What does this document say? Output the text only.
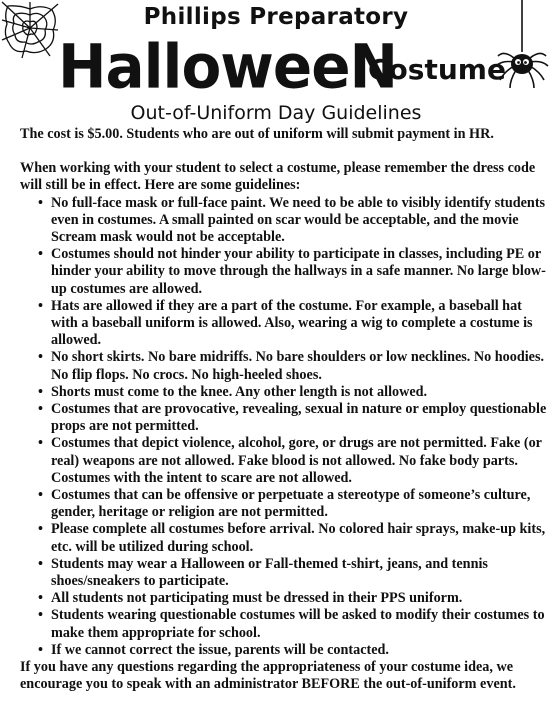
Phillips Preparatory
HalloweeN
Costume
Out-of-Uniform Day Guidelines

The cost is $5.00. Students who are out of uniform will submit payment in HR.

When working with your student to select a costume, please remember the dress code will still be in effect. Here are some guidelines:

• No full-face mask or full-face paint. We need to be able to visibly identify students even in costumes. A small painted on scar would be acceptable, and the movie Scream mask would not be acceptable.
• Costumes should not hinder your ability to participate in classes, including PE or hinder your ability to move through the hallways in a safe manner. No large blow-up costumes are allowed.
• Hats are allowed if they are a part of the costume. For example, a baseball hat with a baseball uniform is allowed. Also, wearing a wig to complete a costume is allowed.
• No short skirts. No bare midriffs. No bare shoulders or low necklines. No hoodies. No flip flops. No crocs. No high-heeled shoes.
• Shorts must come to the knee. Any other length is not allowed.
• Costumes that are provocative, revealing, sexual in nature or employ questionable props are not permitted.
• Costumes that depict violence, alcohol, gore, or drugs are not permitted. Fake (or real) weapons are not allowed. Fake blood is not allowed. No fake body parts. Costumes with the intent to scare are not allowed.
• Costumes that can be offensive or perpetuate a stereotype of someone’s culture, gender, heritage or religion are not permitted.
• Please complete all costumes before arrival. No colored hair sprays, make-up kits, etc. will be utilized during school.
• Students may wear a Halloween or Fall-themed t-shirt, jeans, and tennis shoes/sneakers to participate.
• All students not participating must be dressed in their PPS uniform.
• Students wearing questionable costumes will be asked to modify their costumes to make them appropriate for school.
• If we cannot correct the issue, parents will be contacted.

If you have any questions regarding the appropriateness of your costume idea, we encourage you to speak with an administrator BEFORE the out-of-uniform event.
